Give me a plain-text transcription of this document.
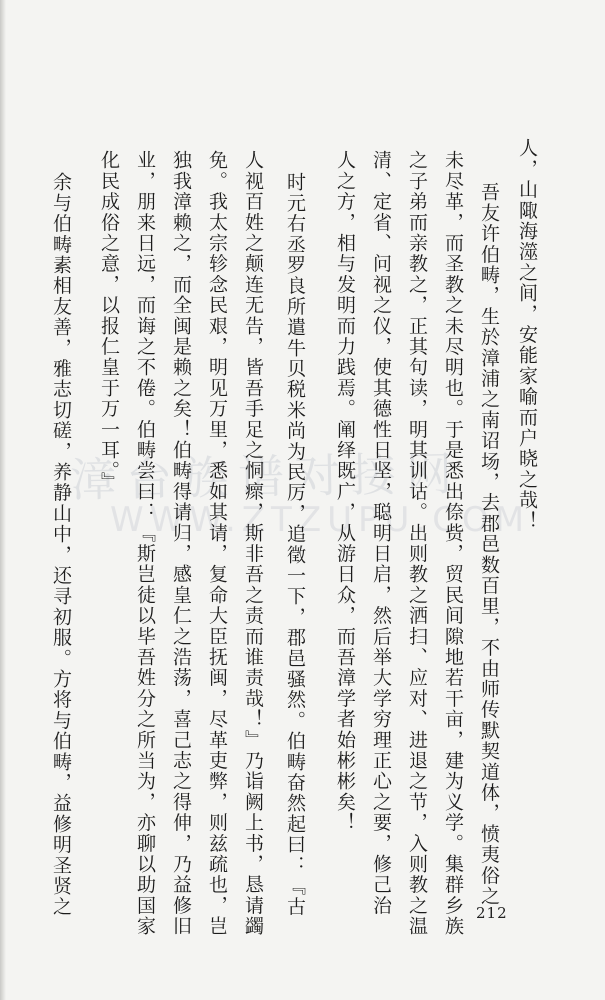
漳台族谱对接网
WWW.ZTZUPU.COM
人，山陬海澨之间，安能家喻而户晓之哉！
吾友许伯畴，生於漳浦之南诏场，去郡邑数百里，不由师传默契道体，愤夷俗之
未尽革，而圣教之未尽明也。于是悉出倷赀，贸民间隙地若干亩，建为义学。集群乡族
之子弟而亲教之，正其句读，明其训诂。出则教之洒扫、应对、进退之节，入则教之温
清、定省、问视之仪，使其德性日坚，聪明日启，然后举大学穷理正心之要，修己治
人之方，相与发明而力践焉。阐绎既广，从游日众，而吾漳学者始彬彬矣！
时元右丞罗良所遣牛贝税米尚为民厉，追徵一下，郡邑骚然。伯畴奋然起曰：『古
人视百姓之颠连无告，皆吾手足之恫瘝，斯非吾之责而谁责哉！』乃诣阙上书，恳请蠲
免。我太宗轸念民艰，明见万里，悉如其请，复命大臣抚闽，尽革吏弊，则兹疏也，岂
独我漳赖之，而全闽是赖之矣！伯畴得请归，感皇仁之浩荡，喜己志之得伸，乃益修旧
业，朋来日远，而诲之不倦。伯畴尝曰：『斯岂徒以毕吾姓分之所当为，亦聊以助国家
化民成俗之意，以报仁皇于万一耳。』
余与伯畴素相友善，雅志切磋，养静山中，还寻初服。方将与伯畴，益修明圣贤之	212
